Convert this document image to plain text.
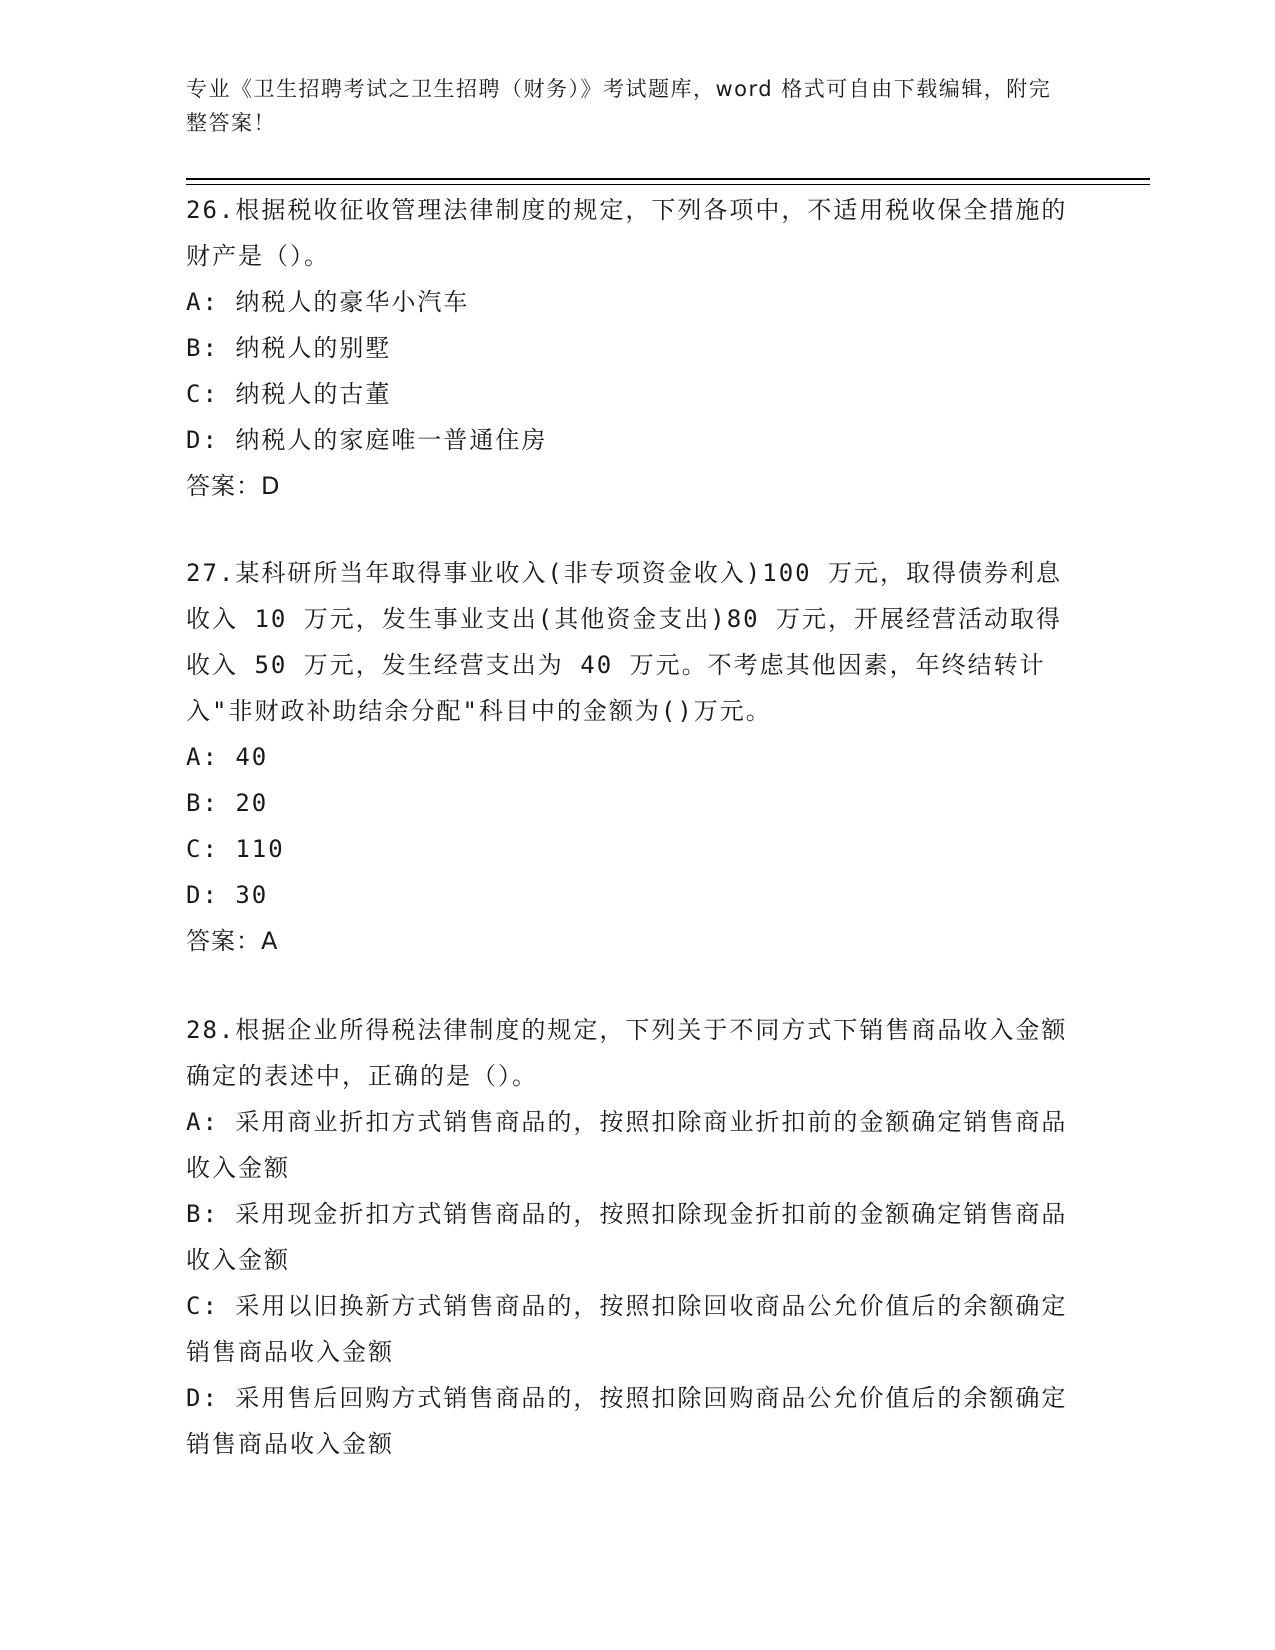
专业《卫生招聘考试之卫生招聘（财务）》考试题库，word 格式可自由下载编辑，附完整答案！

26.根据税收征收管理法律制度的规定，下列各项中，不适用税收保全措施的财产是（）。

A: 纳税人的豪华小汽车

B: 纳税人的别墅

C: 纳税人的古董

D: 纳税人的家庭唯一普通住房

答案：D

27.某科研所当年取得事业收入(非专项资金收入)100 万元，取得债券利息收入 10 万元，发生事业支出(其他资金支出)80 万元，开展经营活动取得收入 50 万元，发生经营支出为 40 万元。不考虑其他因素，年终结转计入"非财政补助结余分配"科目中的金额为()万元。

A: 40

B: 20

C: 110

D: 30

答案：A

28.根据企业所得税法律制度的规定，下列关于不同方式下销售商品收入金额确定的表述中，正确的是（）。

A: 采用商业折扣方式销售商品的，按照扣除商业折扣前的金额确定销售商品收入金额

B: 采用现金折扣方式销售商品的，按照扣除现金折扣前的金额确定销售商品收入金额

C: 采用以旧换新方式销售商品的，按照扣除回收商品公允价值后的余额确定销售商品收入金额

D: 采用售后回购方式销售商品的，按照扣除回购商品公允价值后的余额确定销售商品收入金额
